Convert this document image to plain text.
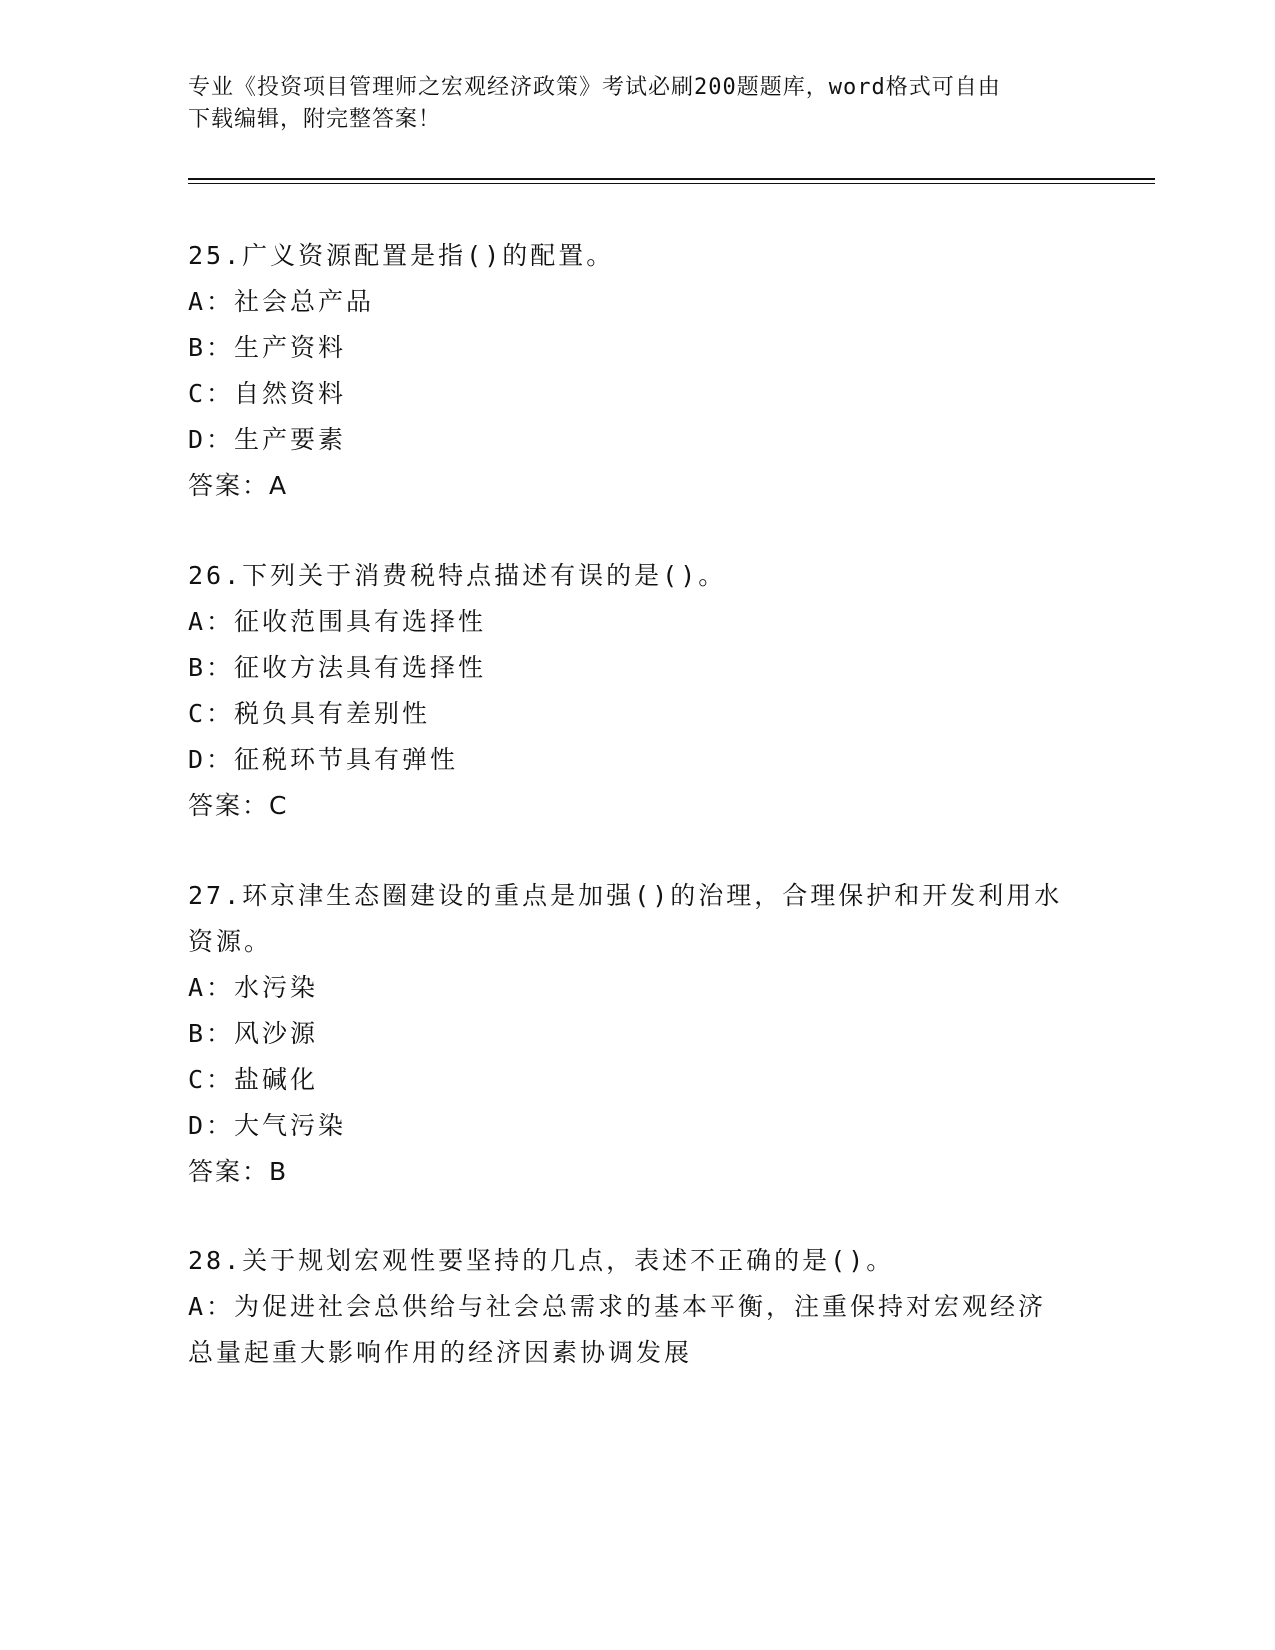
专业《投资项目管理师之宏观经济政策》考试必刷200题题库，word格式可自由
下载编辑，附完整答案！

25.广义资源配置是指()的配置。

A：社会总产品

B：生产资料

C：自然资料

D：生产要素

答案：A

26.下列关于消费税特点描述有误的是()。

A：征收范围具有选择性

B：征收方法具有选择性

C：税负具有差别性

D：征税环节具有弹性

答案：C

27.环京津生态圈建设的重点是加强()的治理，合理保护和开发利用水

资源。

A：水污染

B：风沙源

C：盐碱化

D：大气污染

答案：B

28.关于规划宏观性要坚持的几点，表述不正确的是()。

A：为促进社会总供给与社会总需求的基本平衡，注重保持对宏观经济

总量起重大影响作用的经济因素协调发展
